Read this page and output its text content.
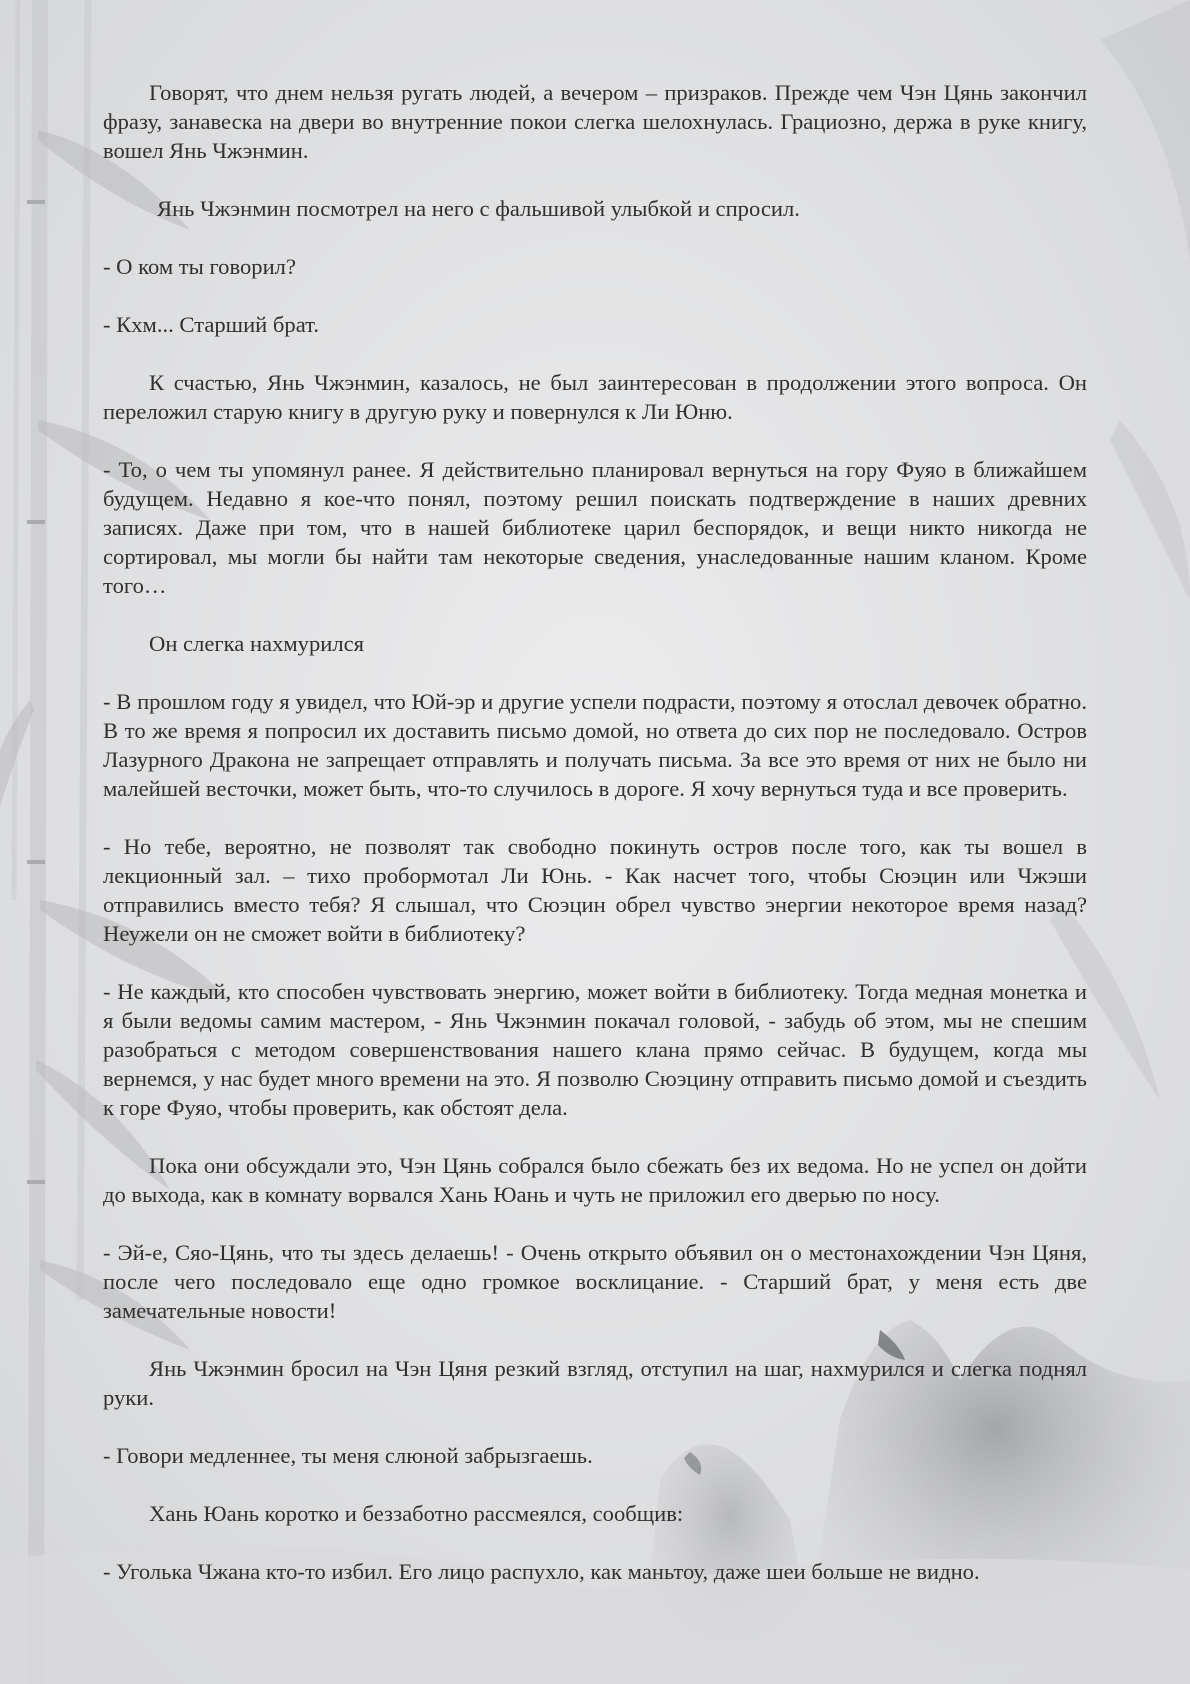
Говорят, что днем нельзя ругать людей, а вечером – призраков. Прежде чем Чэн Цянь закончил фразу, занавеска на двери во внутренние покои слегка шелохнулась. Грациозно, держа в руке книгу, вошел Янь Чжэнмин.

Янь Чжэнмин посмотрел на него с фальшивой улыбкой и спросил.

- О ком ты говорил?

- Кхм... Старший брат.

К счастью, Янь Чжэнмин, казалось, не был заинтересован в продолжении этого вопроса. Он переложил старую книгу в другую руку и повернулся к Ли Юню.

- То, о чем ты упомянул ранее. Я действительно планировал вернуться на гору Фуяо в ближайшем будущем. Недавно я кое-что понял, поэтому решил поискать подтверждение в наших древних записях. Даже при том, что в нашей библиотеке царил беспорядок, и вещи никто никогда не сортировал, мы могли бы найти там некоторые сведения, унаследованные нашим кланом. Кроме того…

Он слегка нахмурился

- В прошлом году я увидел, что Юй-эр и другие успели подрасти, поэтому я отослал девочек обратно. В то же время я попросил их доставить письмо домой, но ответа до сих пор не последовало. Остров Лазурного Дракона не запрещает отправлять и получать письма. За все это время от них не было ни малейшей весточки, может быть, что-то случилось в дороге. Я хочу вернуться туда и все проверить.

- Но тебе, вероятно, не позволят так свободно покинуть остров после того, как ты вошел в лекционный зал. – тихо пробормотал Ли Юнь. - Как насчет того, чтобы Сюэцин или Чжэши отправились вместо тебя? Я слышал, что Сюэцин обрел чувство энергии некоторое время назад? Неужели он не сможет войти в библиотеку?

- Не каждый, кто способен чувствовать энергию, может войти в библиотеку. Тогда медная монетка и я были ведомы самим мастером, - Янь Чжэнмин покачал головой, - забудь об этом, мы не спешим разобраться с методом совершенствования нашего клана прямо сейчас. В будущем, когда мы вернемся, у нас будет много времени на это. Я позволю Сюэцину отправить письмо домой и съездить к горе Фуяо, чтобы проверить, как обстоят дела.

Пока они обсуждали это, Чэн Цянь собрался было сбежать без их ведома. Но не успел он дойти до выхода, как в комнату ворвался Хань Юань и чуть не приложил его дверью по носу.

- Эй-е, Сяо-Цянь, что ты здесь делаешь! - Очень открыто объявил он о местонахождении Чэн Цяня, после чего последовало еще одно громкое восклицание. - Старший брат, у меня есть две замечательные новости!

Янь Чжэнмин бросил на Чэн Цяня резкий взгляд, отступил на шаг, нахмурился и слегка поднял руки.

- Говори медленнее, ты меня слюной забрызгаешь.

Хань Юань коротко и беззаботно рассмеялся, сообщив:

- Уголька Чжана кто-то избил. Его лицо распухло, как маньтоу, даже шеи больше не видно.
